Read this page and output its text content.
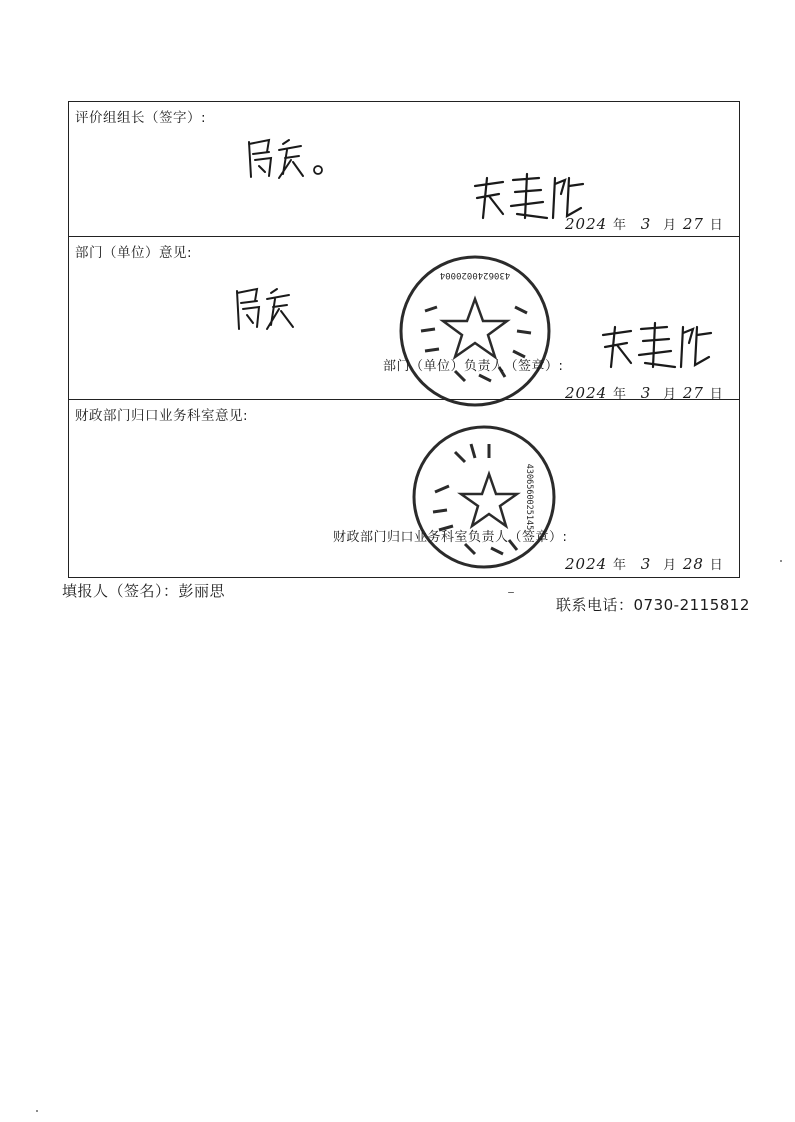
评价组组长（签字）:
2024 年 3 月 27 日
部门（单位）意见:
4306240020004
部门（单位）负责人（签章）:
2024 年 3 月 27 日
财政部门归口业务科室意见:
4306560025145
财政部门归口业务科室负责人（签章）:
2024 年 3 月 28 日
填报人（签名）：彭丽思
联系电话：0730-2115812
